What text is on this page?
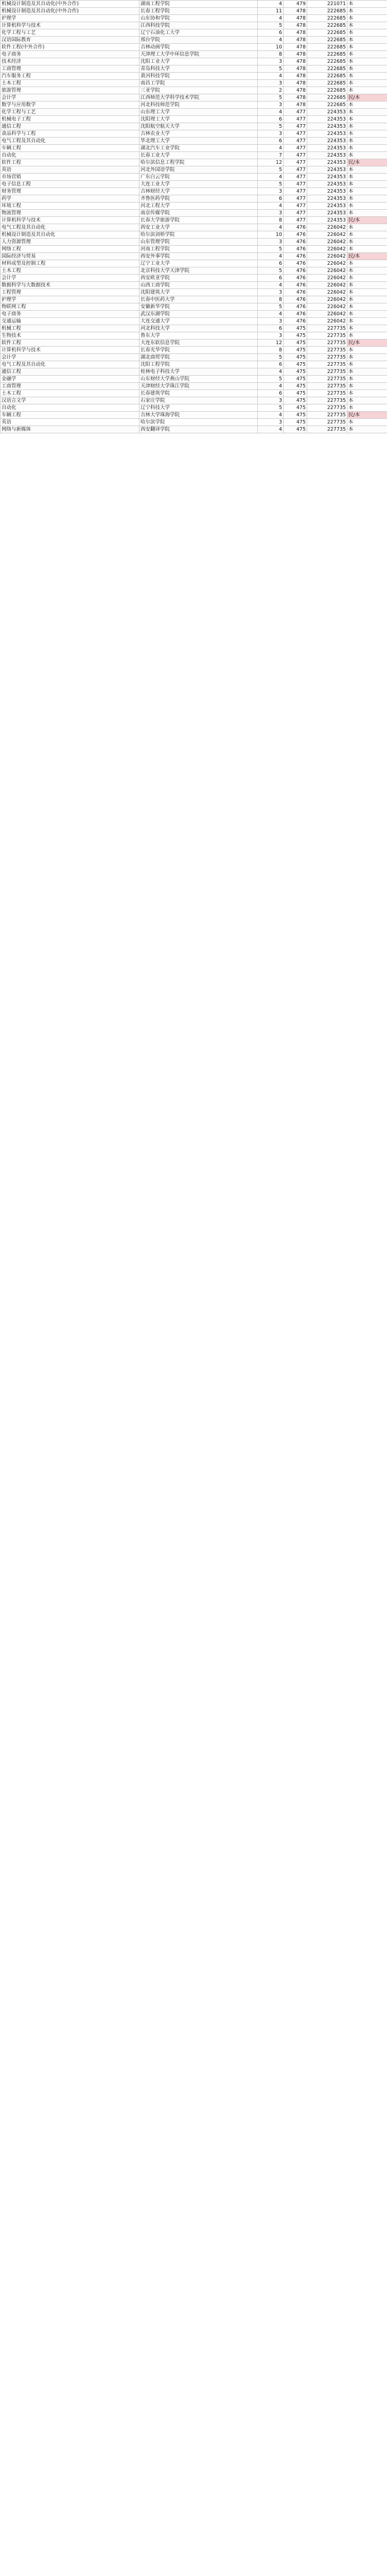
机械设计制造及其自动化(中外合作)	湖南工程学院	4	479	221071	本
机械设计制造及其自动化(中外合作)	长春工程学院	11	478	222685	本
护理学	山东协和学院	4	478	222685	本
计算机科学与技术	江西科技学院	5	478	222685	本
化学工程与工艺	辽宁石油化工大学	6	478	222685	本
汉语国际教育	邢台学院	4	478	222685	本
软件工程(中外合作)	吉林动画学院	10	478	222685	本
电子商务	天津理工大学中环信息学院	8	478	222685	本
技术经济	沈阳工业大学	3	478	222685	本
工商管理	青岛科技大学	5	478	222685	本
汽车服务工程	黄河科技学院	4	478	222685	本
土木工程	南昌工学院	3	478	222685	本
旅游管理	三亚学院	2	478	222685	本
会计学	江西师范大学科学技术学院	5	478	222685	民/本
数学与应用数学	河北科技师范学院	3	478	222685	本
化学工程与工艺	山东理工大学	4	477	224353	本
机械电子工程	沈阳理工大学	6	477	224353	本
通信工程	沈阳航空航天大学	5	477	224353	本
食品科学与工程	吉林农业大学	3	477	224353	本
电气工程及其自动化	华北理工大学	6	477	224353	本
车辆工程	湖北汽车工业学院	4	477	224353	本
自动化	长春工业大学	7	477	224353	本
软件工程	哈尔滨信息工程学院	12	477	224353	民/本
英语	河北外国语学院	5	477	224353	本
市场营销	广东白云学院	4	477	224353	本
电子信息工程	大连工业大学	5	477	224353	本
财务管理	吉林财经大学	3	477	224353	本
药学	齐鲁医药学院	6	477	224353	本
环境工程	河北工程大学	4	477	224353	本
物流管理	南京传媒学院	3	477	224353	本
计算机科学与技术	长春大学旅游学院	8	477	224353	民/本
电气工程及其自动化	西安工业大学	4	476	226042	本
机械设计制造及其自动化	哈尔滨剑桥学院	10	476	226042	本
人力资源管理	山东管理学院	3	476	226042	本
网络工程	河南工程学院	5	476	226042	本
国际经济与贸易	西安外事学院	4	476	226042	民/本
材料成型及控制工程	辽宁工业大学	6	476	226042	本
土木工程	北京科技大学天津学院	5	476	226042	本
会计学	西安欧亚学院	6	476	226042	本
数据科学与大数据技术	山西工商学院	4	476	226042	本
工程管理	沈阳建筑大学	3	476	226042	本
护理学	长春中医药大学	8	476	226042	本
物联网工程	安徽新华学院	5	476	226042	本
电子商务	武汉东湖学院	4	476	226042	本
交通运输	大连交通大学	3	476	226042	本
机械工程	河北科技大学	6	475	227735	本
生物技术	鲁东大学	3	475	227735	本
软件工程	大连东软信息学院	12	475	227735	民/本
计算机科学与技术	长春光华学院	8	475	227735	本
会计学	湖北商贸学院	5	475	227735	本
电气工程及其自动化	沈阳工程学院	6	475	227735	本
通信工程	桂林电子科技大学	4	475	227735	本
金融学	山东财经大学燕山学院	5	475	227735	本
工商管理	天津财经大学珠江学院	4	475	227735	本
土木工程	长春建筑学院	6	475	227735	本
汉语言文学	石家庄学院	3	475	227735	本
自动化	辽宁科技大学	5	475	227735	本
车辆工程	吉林大学珠海学院	4	475	227735	民/本
英语	哈尔滨学院	3	475	227735	本
网络与新媒体	西安翻译学院	4	475	227735	本
